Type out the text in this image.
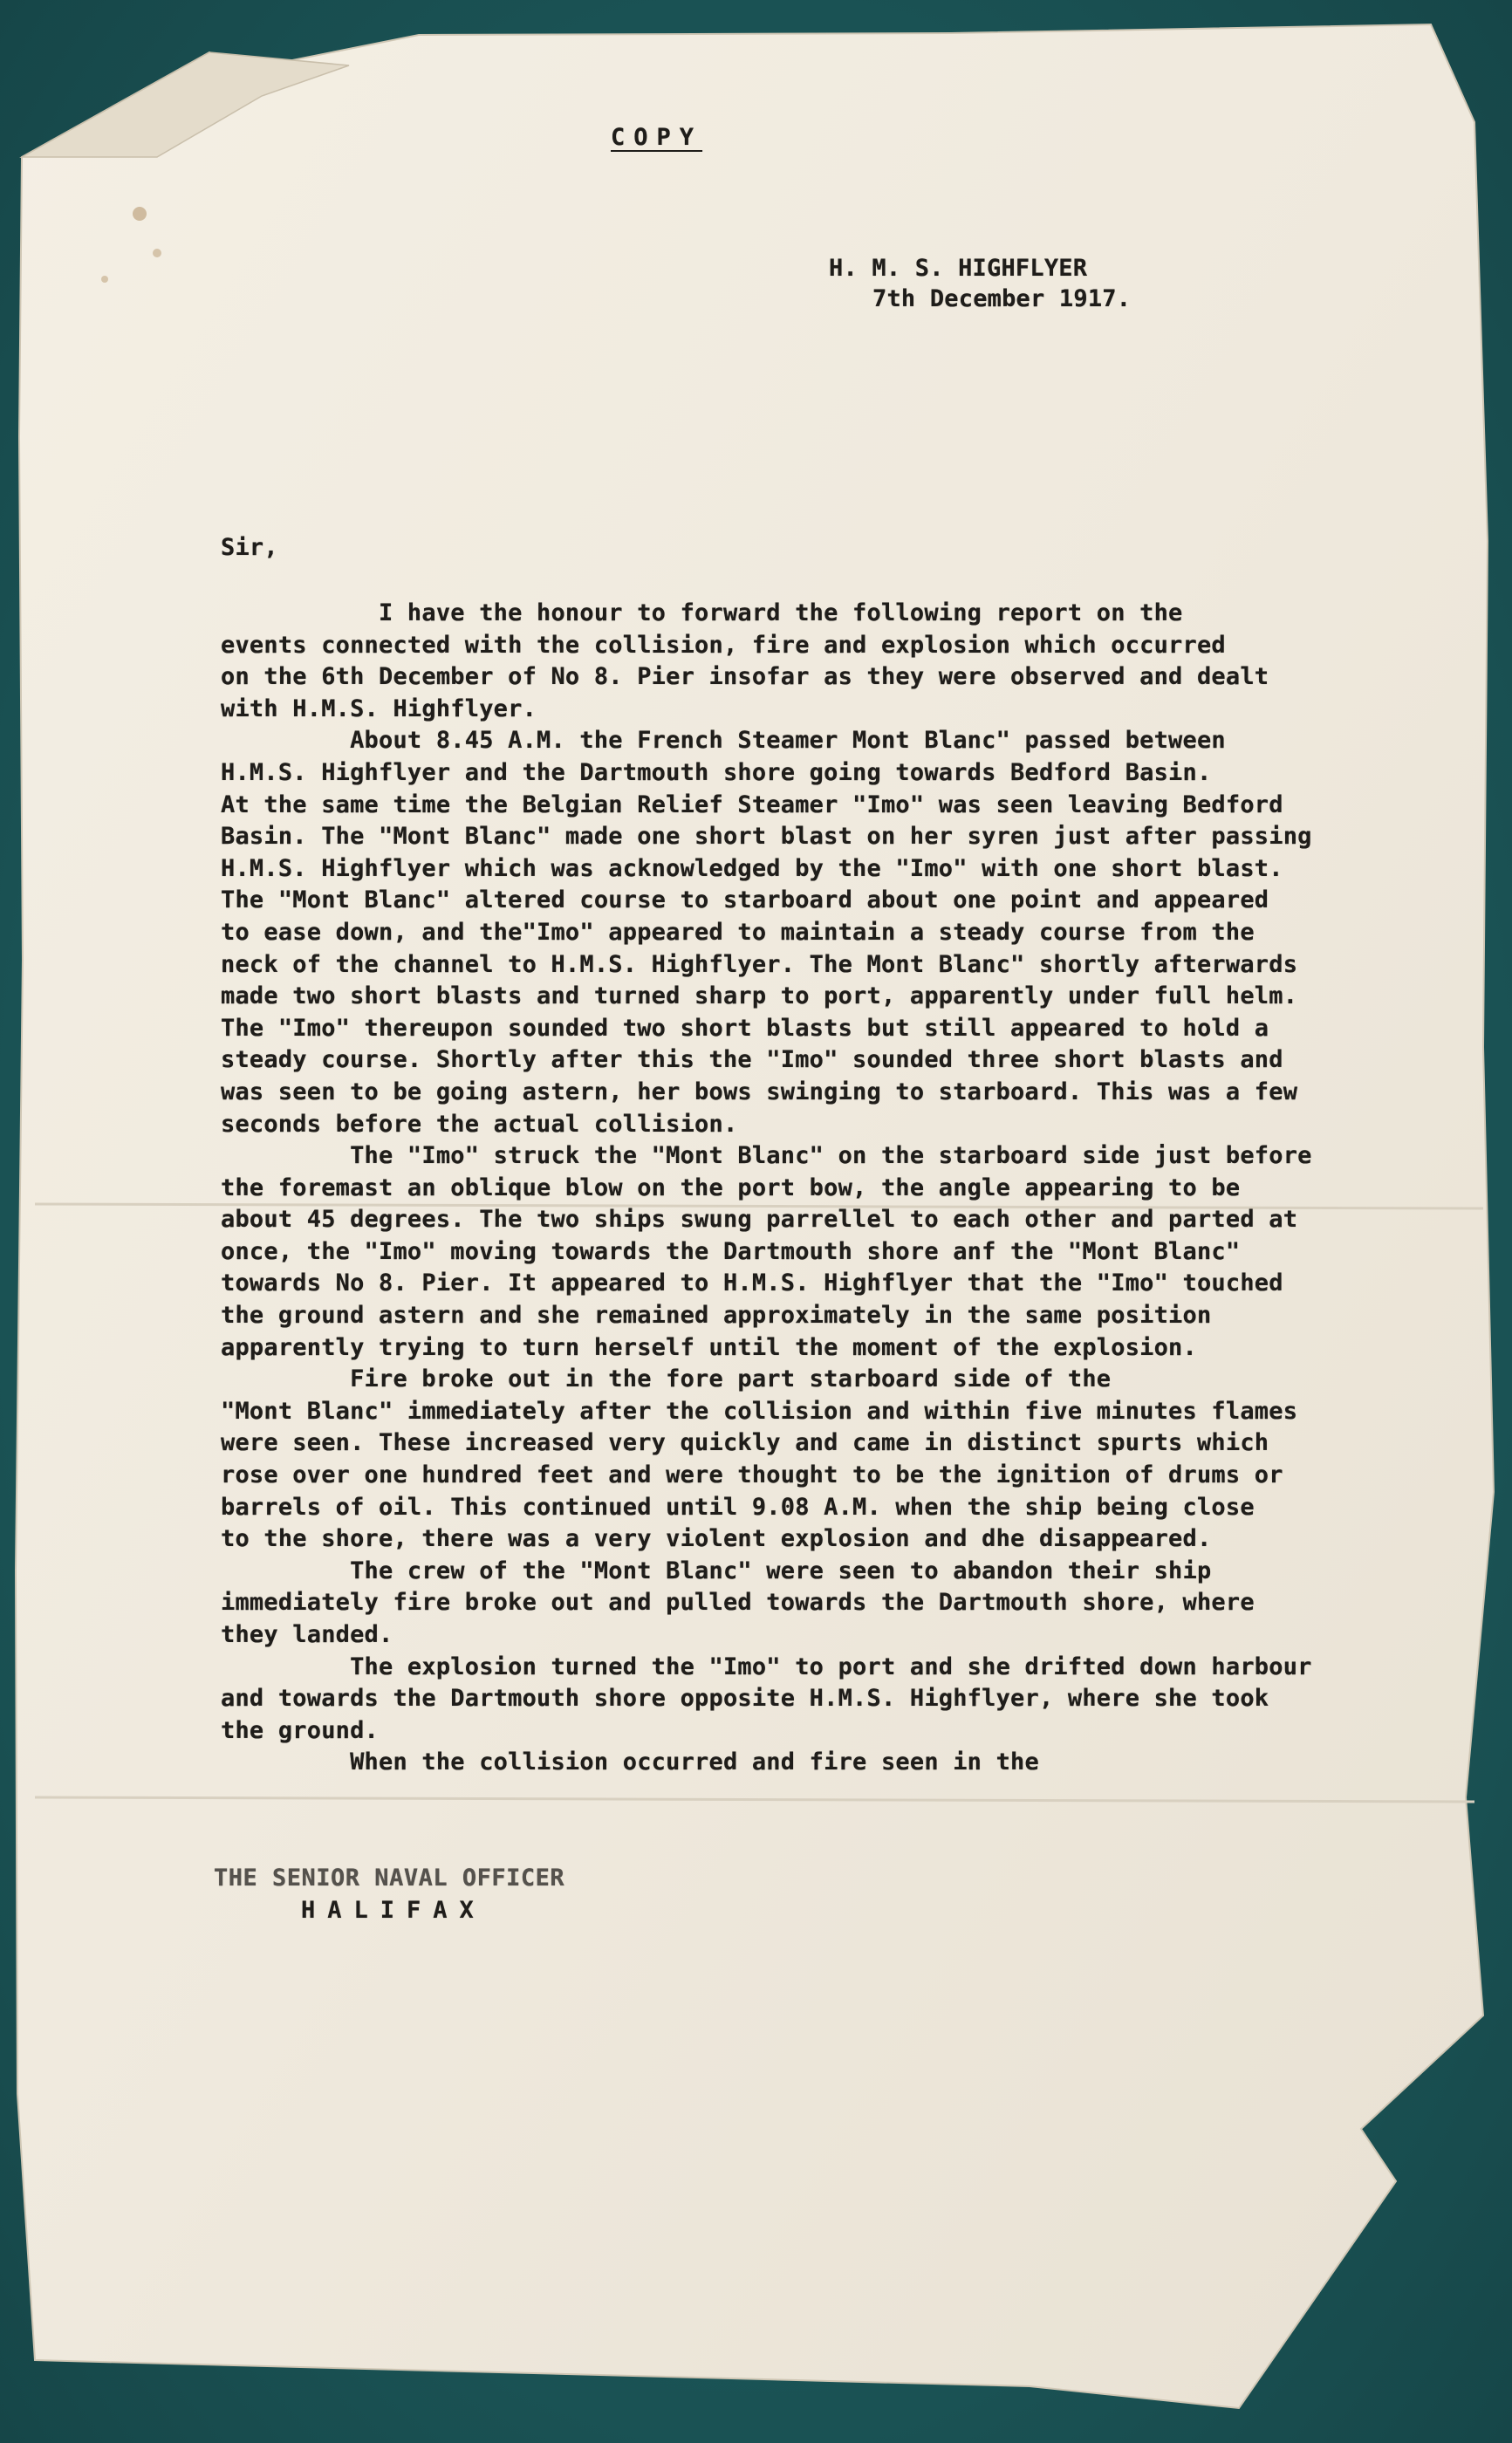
COPY
H. M. S. HIGHFLYER
7th December 1917.
Sir,
I have the honour to forward the following report on the
events connected with the collision, fire and explosion which occurred
on the 6th December of No 8. Pier insofar as they were observed and dealt
with H.M.S. Highflyer.
About 8.45 A.M. the French Steamer Mont Blanc" passed between
H.M.S. Highflyer and the Dartmouth shore going towards Bedford Basin.
At the same time the Belgian Relief Steamer "Imo" was seen leaving Bedford
Basin. The "Mont Blanc" made one short blast on her syren just after passing
H.M.S. Highflyer which was acknowledged by the "Imo" with one short blast.
The "Mont Blanc" altered course to starboard about one point and appeared
to ease down, and the"Imo" appeared to maintain a steady course from the
neck of the channel to H.M.S. Highflyer. The Mont Blanc" shortly afterwards
made two short blasts and turned sharp to port, apparently under full helm.
The "Imo" thereupon sounded two short blasts but still appeared to hold a
steady course. Shortly after this the "Imo" sounded three short blasts and
was seen to be going astern, her bows swinging to starboard. This was a few
seconds before the actual collision.
The "Imo" struck the "Mont Blanc" on the starboard side just before
the foremast an oblique blow on the port bow, the angle appearing to be
about 45 degrees. The two ships swung parrellel to each other and parted at
once, the "Imo" moving towards the Dartmouth shore anf the "Mont Blanc"
towards No 8. Pier. It appeared to H.M.S. Highflyer that the "Imo" touched
the ground astern and she remained approximately in the same position
apparently trying to turn herself until the moment of the explosion.
Fire broke out in the fore part starboard side of the
"Mont Blanc" immediately after the collision and within five minutes flames
were seen. These increased very quickly and came in distinct spurts which
rose over one hundred feet and were thought to be the ignition of drums or
barrels of oil. This continued until 9.08 A.M. when the ship being close
to the shore, there was a very violent explosion and dhe disappeared.
The crew of the "Mont Blanc" were seen to abandon their ship
immediately fire broke out and pulled towards the Dartmouth shore, where
they landed.
The explosion turned the "Imo" to port and she drifted down harbour
and towards the Dartmouth shore opposite H.M.S. Highflyer, where she took
the ground.
When the collision occurred and fire seen in the
THE SENIOR NAVAL OFFICER
HALIFAX
